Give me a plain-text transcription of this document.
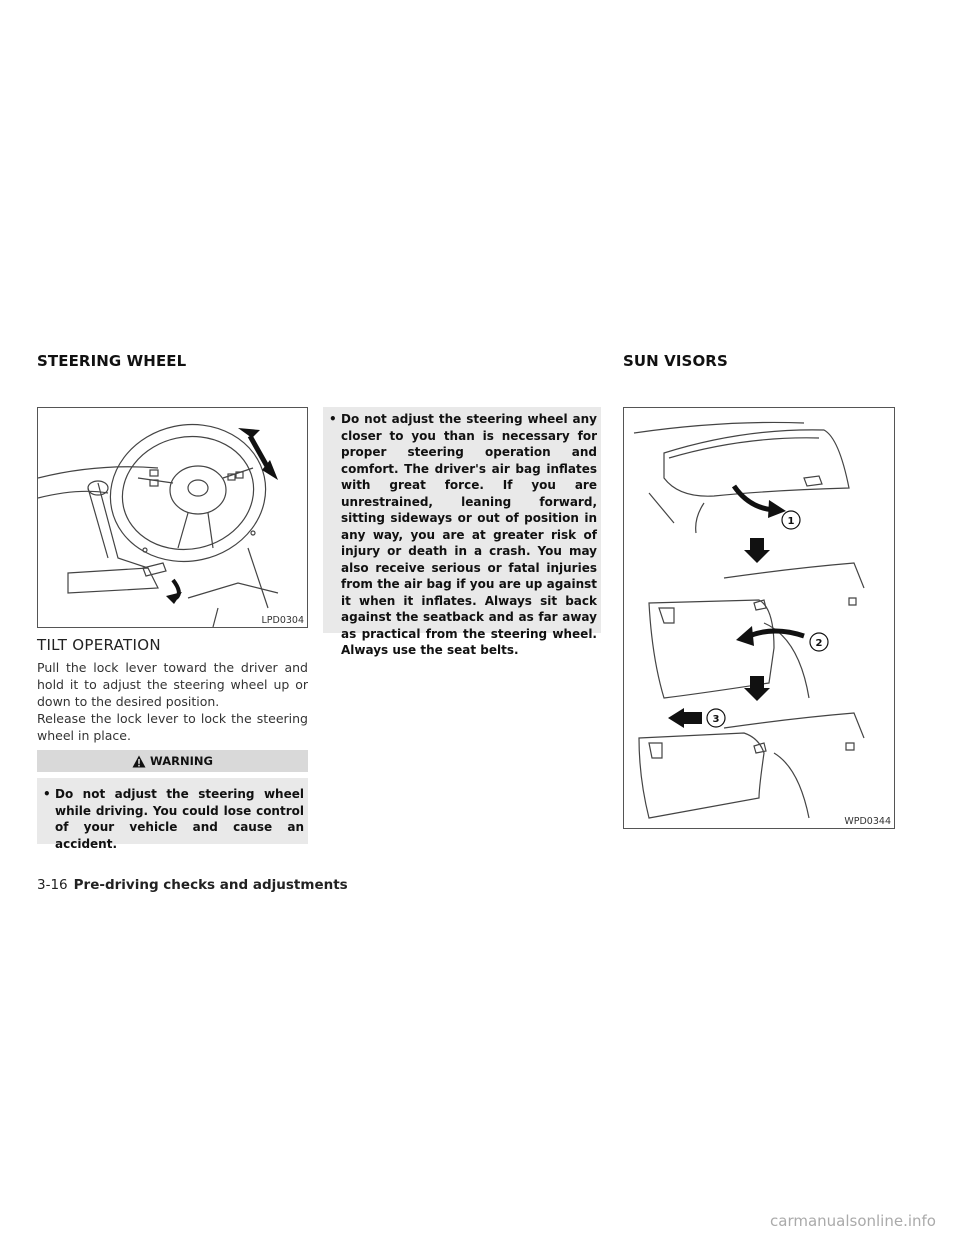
STEERING WHEEL	SUN VISORS
LPD0304
TILT OPERATION
Pull the lock lever toward the driver and hold it to adjust the steering wheel up or down to the desired position.
Release the lock lever to lock the steering wheel in place.
WARNING
• Do not adjust the steering wheel while driving. You could lose control of your vehicle and cause an accident.
• Do not adjust the steering wheel any closer to you than is necessary for proper steering operation and comfort. The driver's air bag inflates with great force. If you are unrestrained, leaning forward, sitting sideways or out of position in any way, you are at greater risk of injury or death in a crash. You may also receive serious or fatal injuries from the air bag if you are up against it when it inflates. Always sit back against the seatback and as far away as practical from the steering wheel. Always use the seat belts.
1
2
3
WPD0344
3-16 Pre-driving checks and adjustments
carmanualsonline.info
